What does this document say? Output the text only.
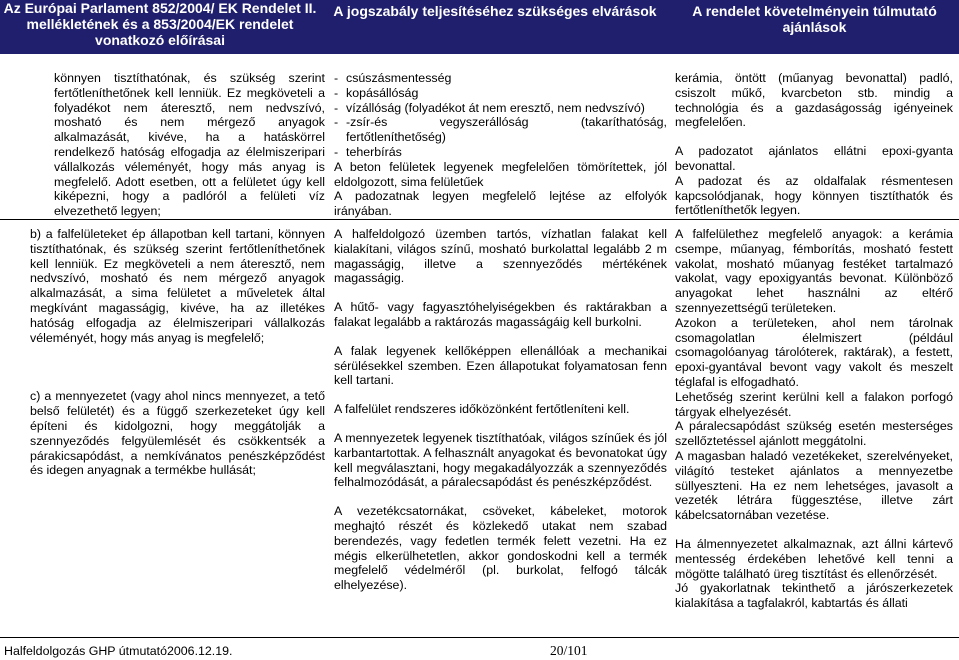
Az Európai Parlament 852/2004/ EK Rendelet II. mellékletének és a 853/2004/EK rendelet vonatkozó előírásai
A jogszabály teljesítéséhez szükséges elvárások	A rendelet követelményein túlmutató ajánlások

könnyen tisztíthatónak, és szükség szerint fertőtleníthetőnek kell lenniük. Ez megköveteli a folyadékot nem áteresztő, nem nedvszívó, mosható és nem mérgező anyagok alkalmazását, kivéve, ha a hatáskörrel rendelkező hatóság elfogadja az élelmiszeripari vállalkozás véleményét, hogy más anyag is megfelelő. Adott esetben, ott a felületet úgy kell kiképezni, hogy a padlóról a felületi víz elvezethető legyen;

- csúszásmentesség
- kopásállóság
- vízállóság (folyadékot át nem eresztő, nem nedvszívó)
- -zsír-és vegyszerállóság (takaríthatóság, fertőtleníthetőség)
- teherbírás

A beton felületek legyenek megfelelően tömörítettek, jól eldolgozott, sima felületűek

A padozatnak legyen megfelelő lejtése az elfolyók irányában.

kerámia, öntött (műanyag bevonattal) padló, csiszolt műkő, kvarcbeton stb. mindig a technológia és a gazdaságosság igényeinek megfelelően.

A padozatot ajánlatos ellátni epoxi-gyanta bevonattal.

A padozat és az oldalfalak résmentesen kapcsolódjanak, hogy könnyen tisztíthatók és fertőtleníthetők legyen.

b) a falfelületeket ép állapotban kell tartani, könnyen tisztíthatónak, és szükség szerint fertőtleníthetőnek kell lenniük. Ez megköveteli a nem áteresztő, nem nedvszívó, mosható és nem mérgező anyagok alkalmazását, a sima felületet a műveletek által megkívánt magasságig, kivéve, ha az illetékes hatóság elfogadja az élelmiszeripari vállalkozás véleményét, hogy más anyag is megfelelő;

c) a mennyezetet (vagy ahol nincs mennyezet, a tető belső felületét) és a függő szerkezeteket úgy kell építeni és kidolgozni, hogy meggátolják a szennyeződés felgyülemlését és csökkentsék a párakicsapódást, a nemkívánatos penészképződést és idegen anyagnak a termékbe hullását;

A halfeldolgozó üzemben tartós, vízhatlan falakat kell kialakítani, világos színű, mosható burkolattal legalább 2 m magasságig, illetve a szennyeződés mértékének magasságig.

A hűtő- vagy fagyasztóhelyiségekben és raktárakban a falakat legalább a raktározás magasságáig kell burkolni.

A falak legyenek kellőképpen ellenállóak a mechanikai sérülésekkel szemben. Ezen állapotukat folyamatosan fenn kell tartani.

A falfelület rendszeres időközönként fertőtleníteni kell.

A mennyezetek legyenek tisztíthatóak, világos színűek és jól karbantartottak. A felhasznált anyagokat és bevonatokat úgy kell megválasztani, hogy megakadályozzák a szennyeződés felhalmozódását, a páralecsapódást és penészképződést.

A vezetékcsatornákat, csöveket, kábeleket, motorok meghajtó részét és közlekedő utakat nem szabad berendezés, vagy fedetlen termék felett vezetni. Ha ez mégis elkerülhetetlen, akkor gondoskodni kell a termék megfelelő védelméről (pl. burkolat, felfogó tálcák elhelyezése).

A falfelülethez megfelelő anyagok: a kerámia csempe, műanyag, fémborítás, mosható festett vakolat, mosható műanyag festéket tartalmazó vakolat, vagy epoxigyantás bevonat. Különböző anyagokat lehet használni az eltérő szennyezettségű területeken.

Azokon a területeken, ahol nem tárolnak csomagolatlan élelmiszert (például csomagolóanyag tárolóterek, raktárak), a festett, epoxi-gyantával bevont vagy vakolt és meszelt téglafal is elfogadható.

Lehetőség szerint kerülni kell a falakon porfogó tárgyak elhelyezését.

A páralecsapódást szükség esetén mesterséges szellőztetéssel ajánlott meggátolni.

A magasban haladó vezetékeket, szerelvényeket, világító testeket ajánlatos a mennyezetbe süllyeszteni. Ha ez nem lehetséges, javasolt a vezeték létrára függesztése, illetve zárt kábelcsatornában vezetése.

Ha álmennyezetet alkalmaznak, azt állni kártevő mentesség érdekében lehetővé kell tenni a mögötte található üreg tisztítást és ellenőrzését.

Jó gyakorlatnak tekinthető a járószerkezetek kialakítása a tagfalakról, kabtartás és állati

Halfeldolgozás GHP útmutató2006.12.19.	20/101
